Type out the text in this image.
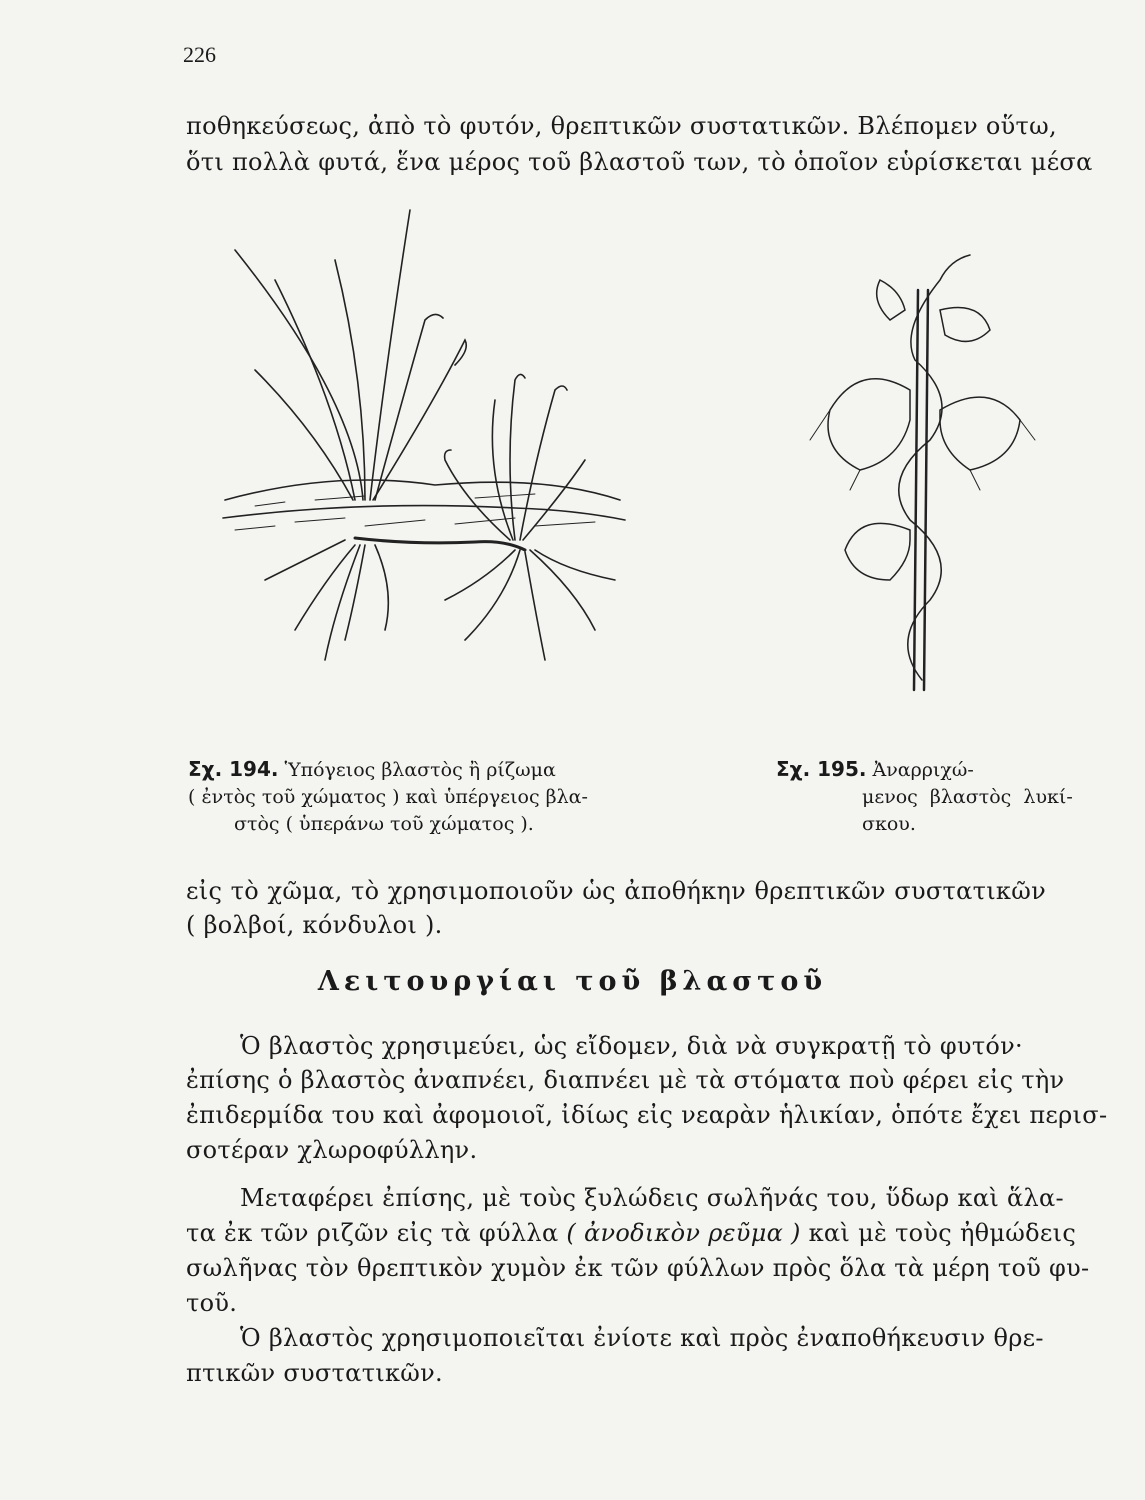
226
ποθηκεύσεως, ἀπὸ τὸ φυτόν, θρεπτικῶν συστατικῶν. Βλέπομεν οὕτω,
ὅτι πολλὰ φυτά, ἕνα μέρος τοῦ βλαστοῦ των, τὸ ὁποῖον εὑρίσκεται μέσα
Σχ. 194. Ὑπόγειος βλαστὸς ἢ ρίζωμα
( ἐντὸς τοῦ χώματος ) καὶ ὑπέργειος βλα-
στὸς ( ὑπεράνω τοῦ χώματος ).
Σχ. 195. Ἀναρριχώ-
μενος  βλαστὸς  λυκί-
σκου.
εἰς τὸ χῶμα, τὸ χρησιμοποιοῦν ὡς ἀποθήκην θρεπτικῶν συστατικῶν
( βολβοί, κόνδυλοι ).
Λειτουργίαι τοῦ βλαστοῦ
Ὁ βλαστὸς χρησιμεύει, ὡς εἴδομεν, διὰ νὰ συγκρατῇ τὸ φυτόν·
ἐπίσης ὁ βλαστὸς ἀναπνέει, διαπνέει μὲ τὰ στόματα ποὺ φέρει εἰς τὴν
ἐπιδερμίδα του καὶ ἀφομοιοῖ, ἰδίως εἰς νεαρὰν ἡλικίαν, ὁπότε ἔχει περισ-
σοτέραν χλωροφύλλην.
Μεταφέρει ἐπίσης, μὲ τοὺς ξυλώδεις σωλῆνάς του, ὕδωρ καὶ ἅλα-
τα ἐκ τῶν ριζῶν εἰς τὰ φύλλα ( ἀνοδικὸν ρεῦμα ) καὶ μὲ τοὺς ἠθμώδεις
σωλῆνας τὸν θρεπτικὸν χυμὸν ἐκ τῶν φύλλων πρὸς ὅλα τὰ μέρη τοῦ φυ-
τοῦ.
Ὁ βλαστὸς χρησιμοποιεῖται ἐνίοτε καὶ πρὸς ἐναποθήκευσιν θρε-
πτικῶν συστατικῶν.
